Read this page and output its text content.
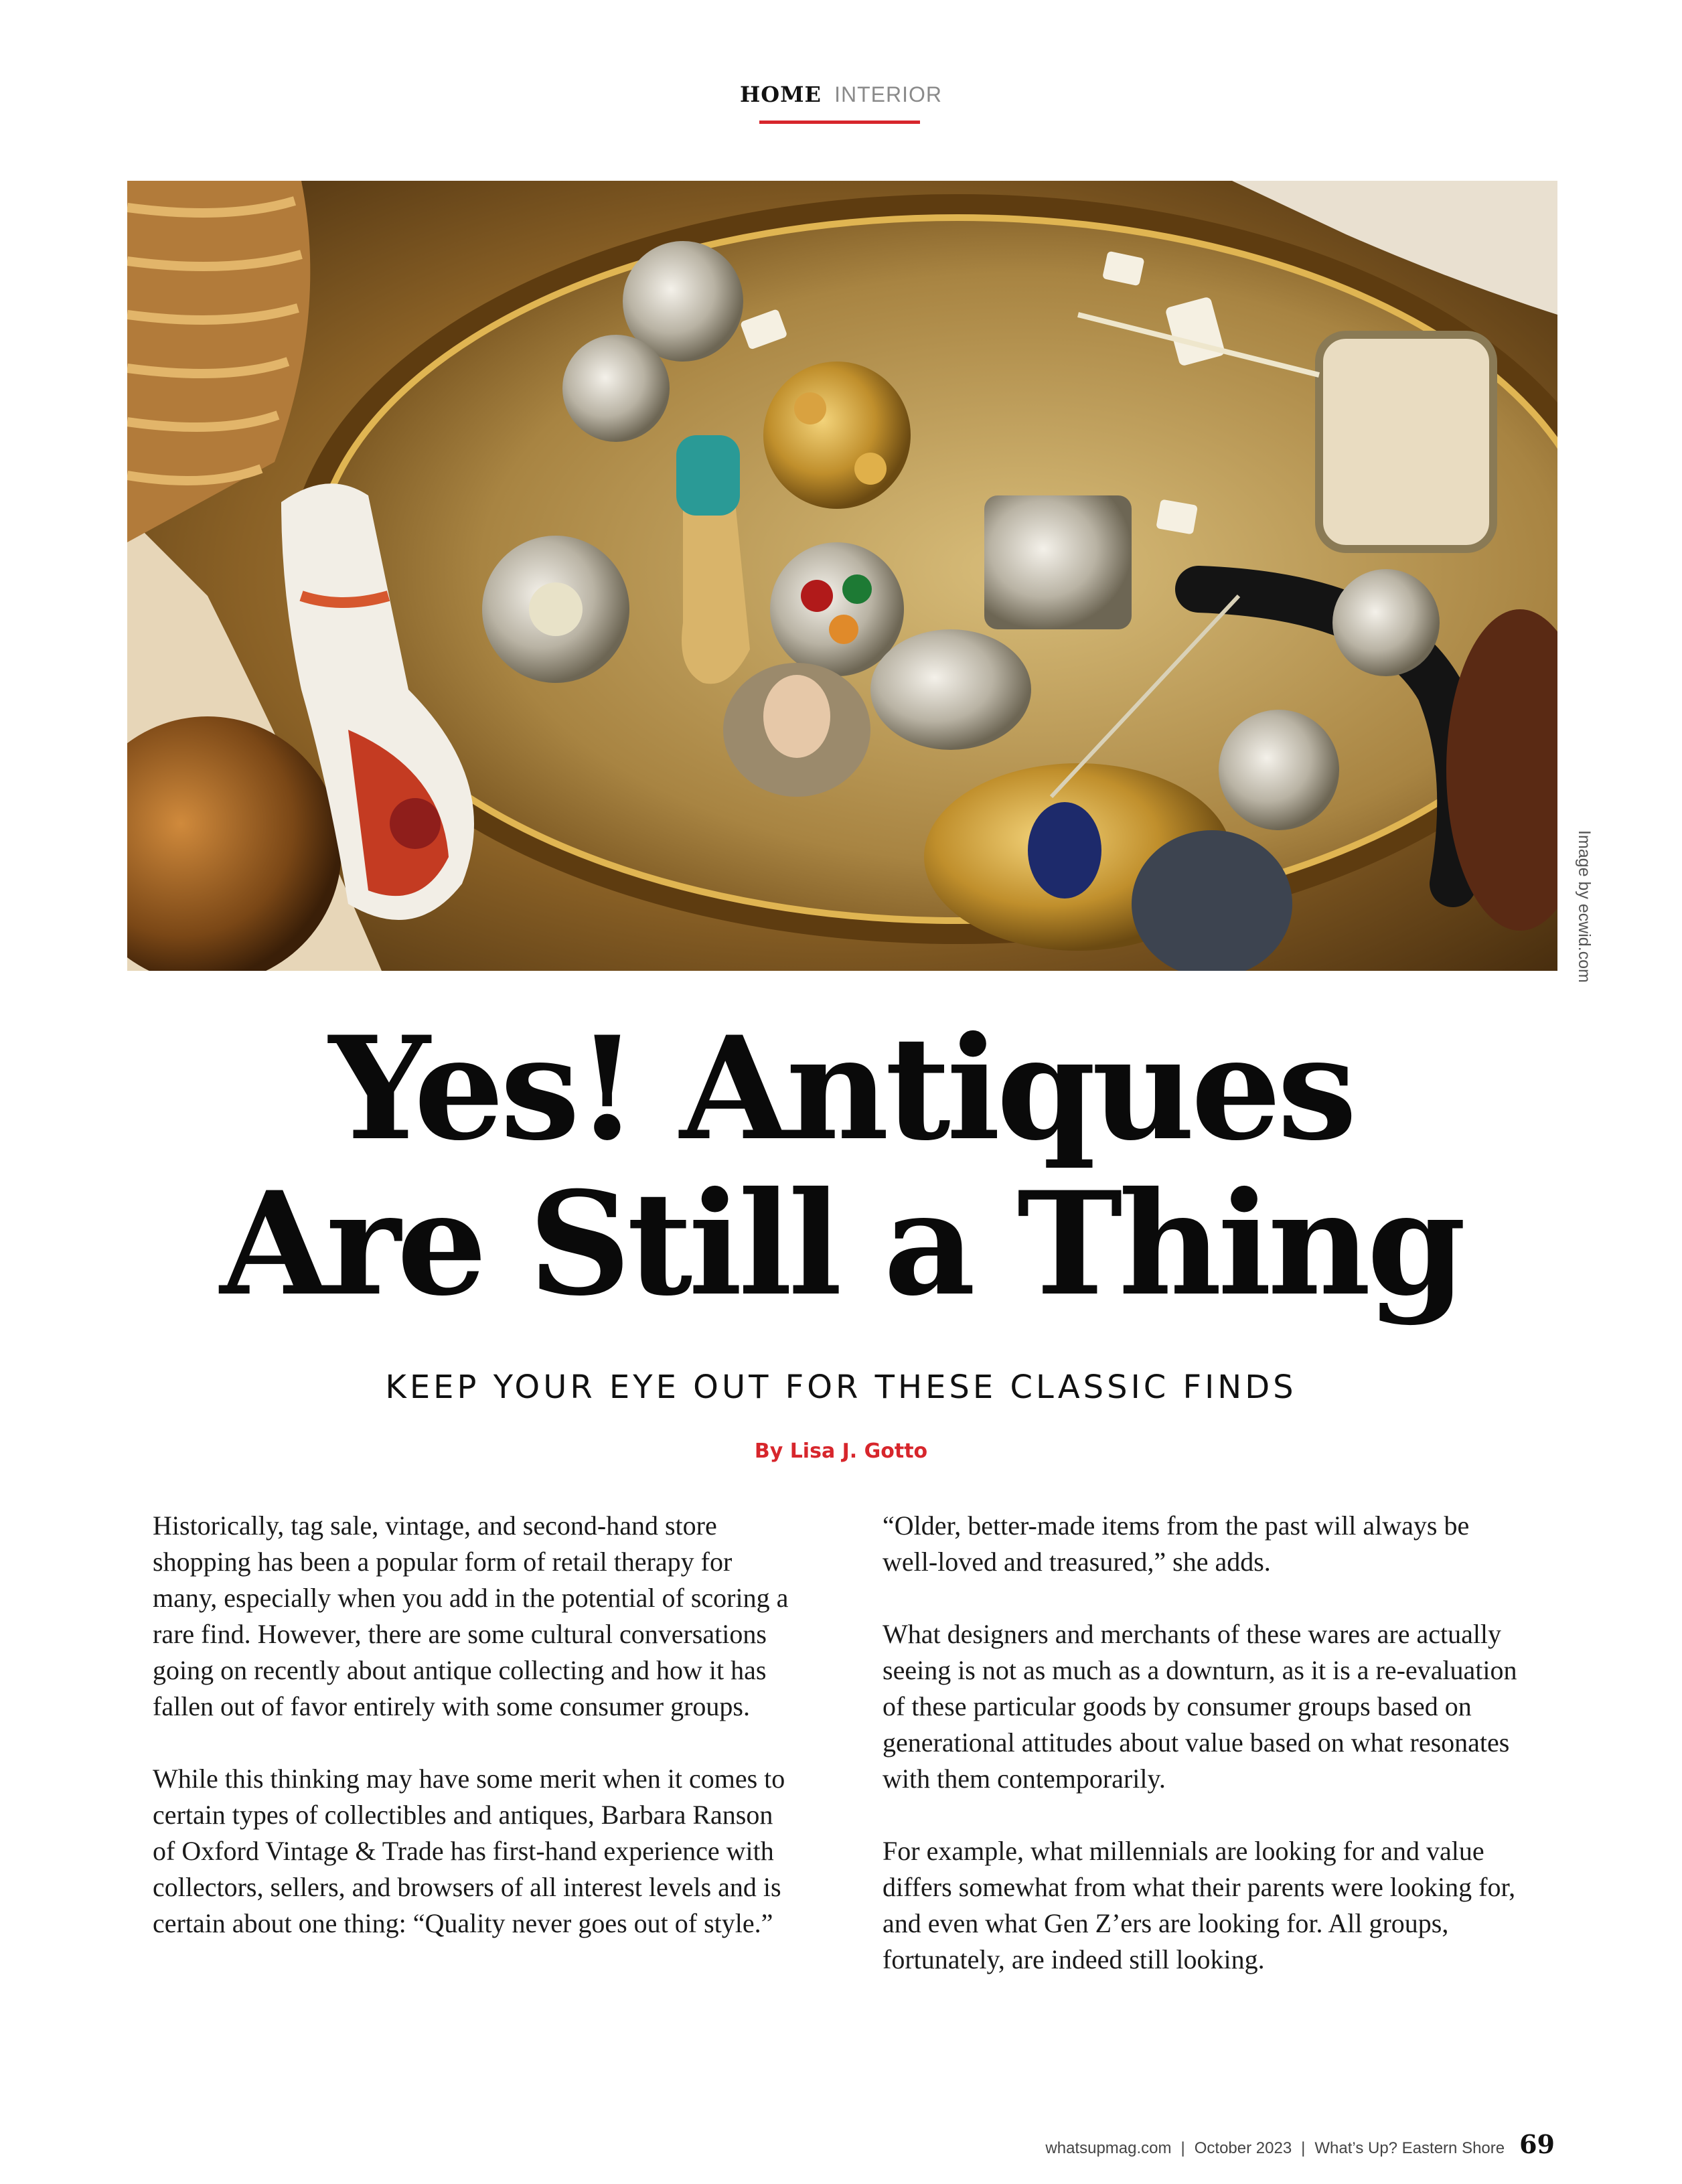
HOME INTERIOR
Image by ecwid.com
Yes! Antiques
Are Still a Thing
KEEP YOUR EYE OUT FOR THESE CLASSIC FINDS
By Lisa J. Gotto

Historically, tag sale, vintage, and second-hand store shopping has been a popular form of retail therapy for many, especially when you add in the potential of scoring a rare find. However, there are some cultural conversations going on recently about antique collecting and how it has fallen out of favor entirely with some consumer groups.

While this thinking may have some merit when it comes to certain types of collectibles and antiques, Barbara Ranson of Oxford Vintage & Trade has first-hand experience with collectors, sellers, and browsers of all interest levels and is certain about one thing: “Quality never goes out of style.”

“Older, better-made items from the past will always be well-loved and treasured,” she adds.

What designers and merchants of these wares are actually seeing is not as much as a downturn, as it is a re-evaluation of these particular goods by consumer groups based on generational attitudes about value based on what resonates with them contemporarily.

For example, what millennials are looking for and value differs somewhat from what their parents were looking for, and even what Gen Z’ers are looking for. All groups, fortunately, are indeed still looking.

whatsupmag.com | October 2023 | What’s Up? Eastern Shore 69
